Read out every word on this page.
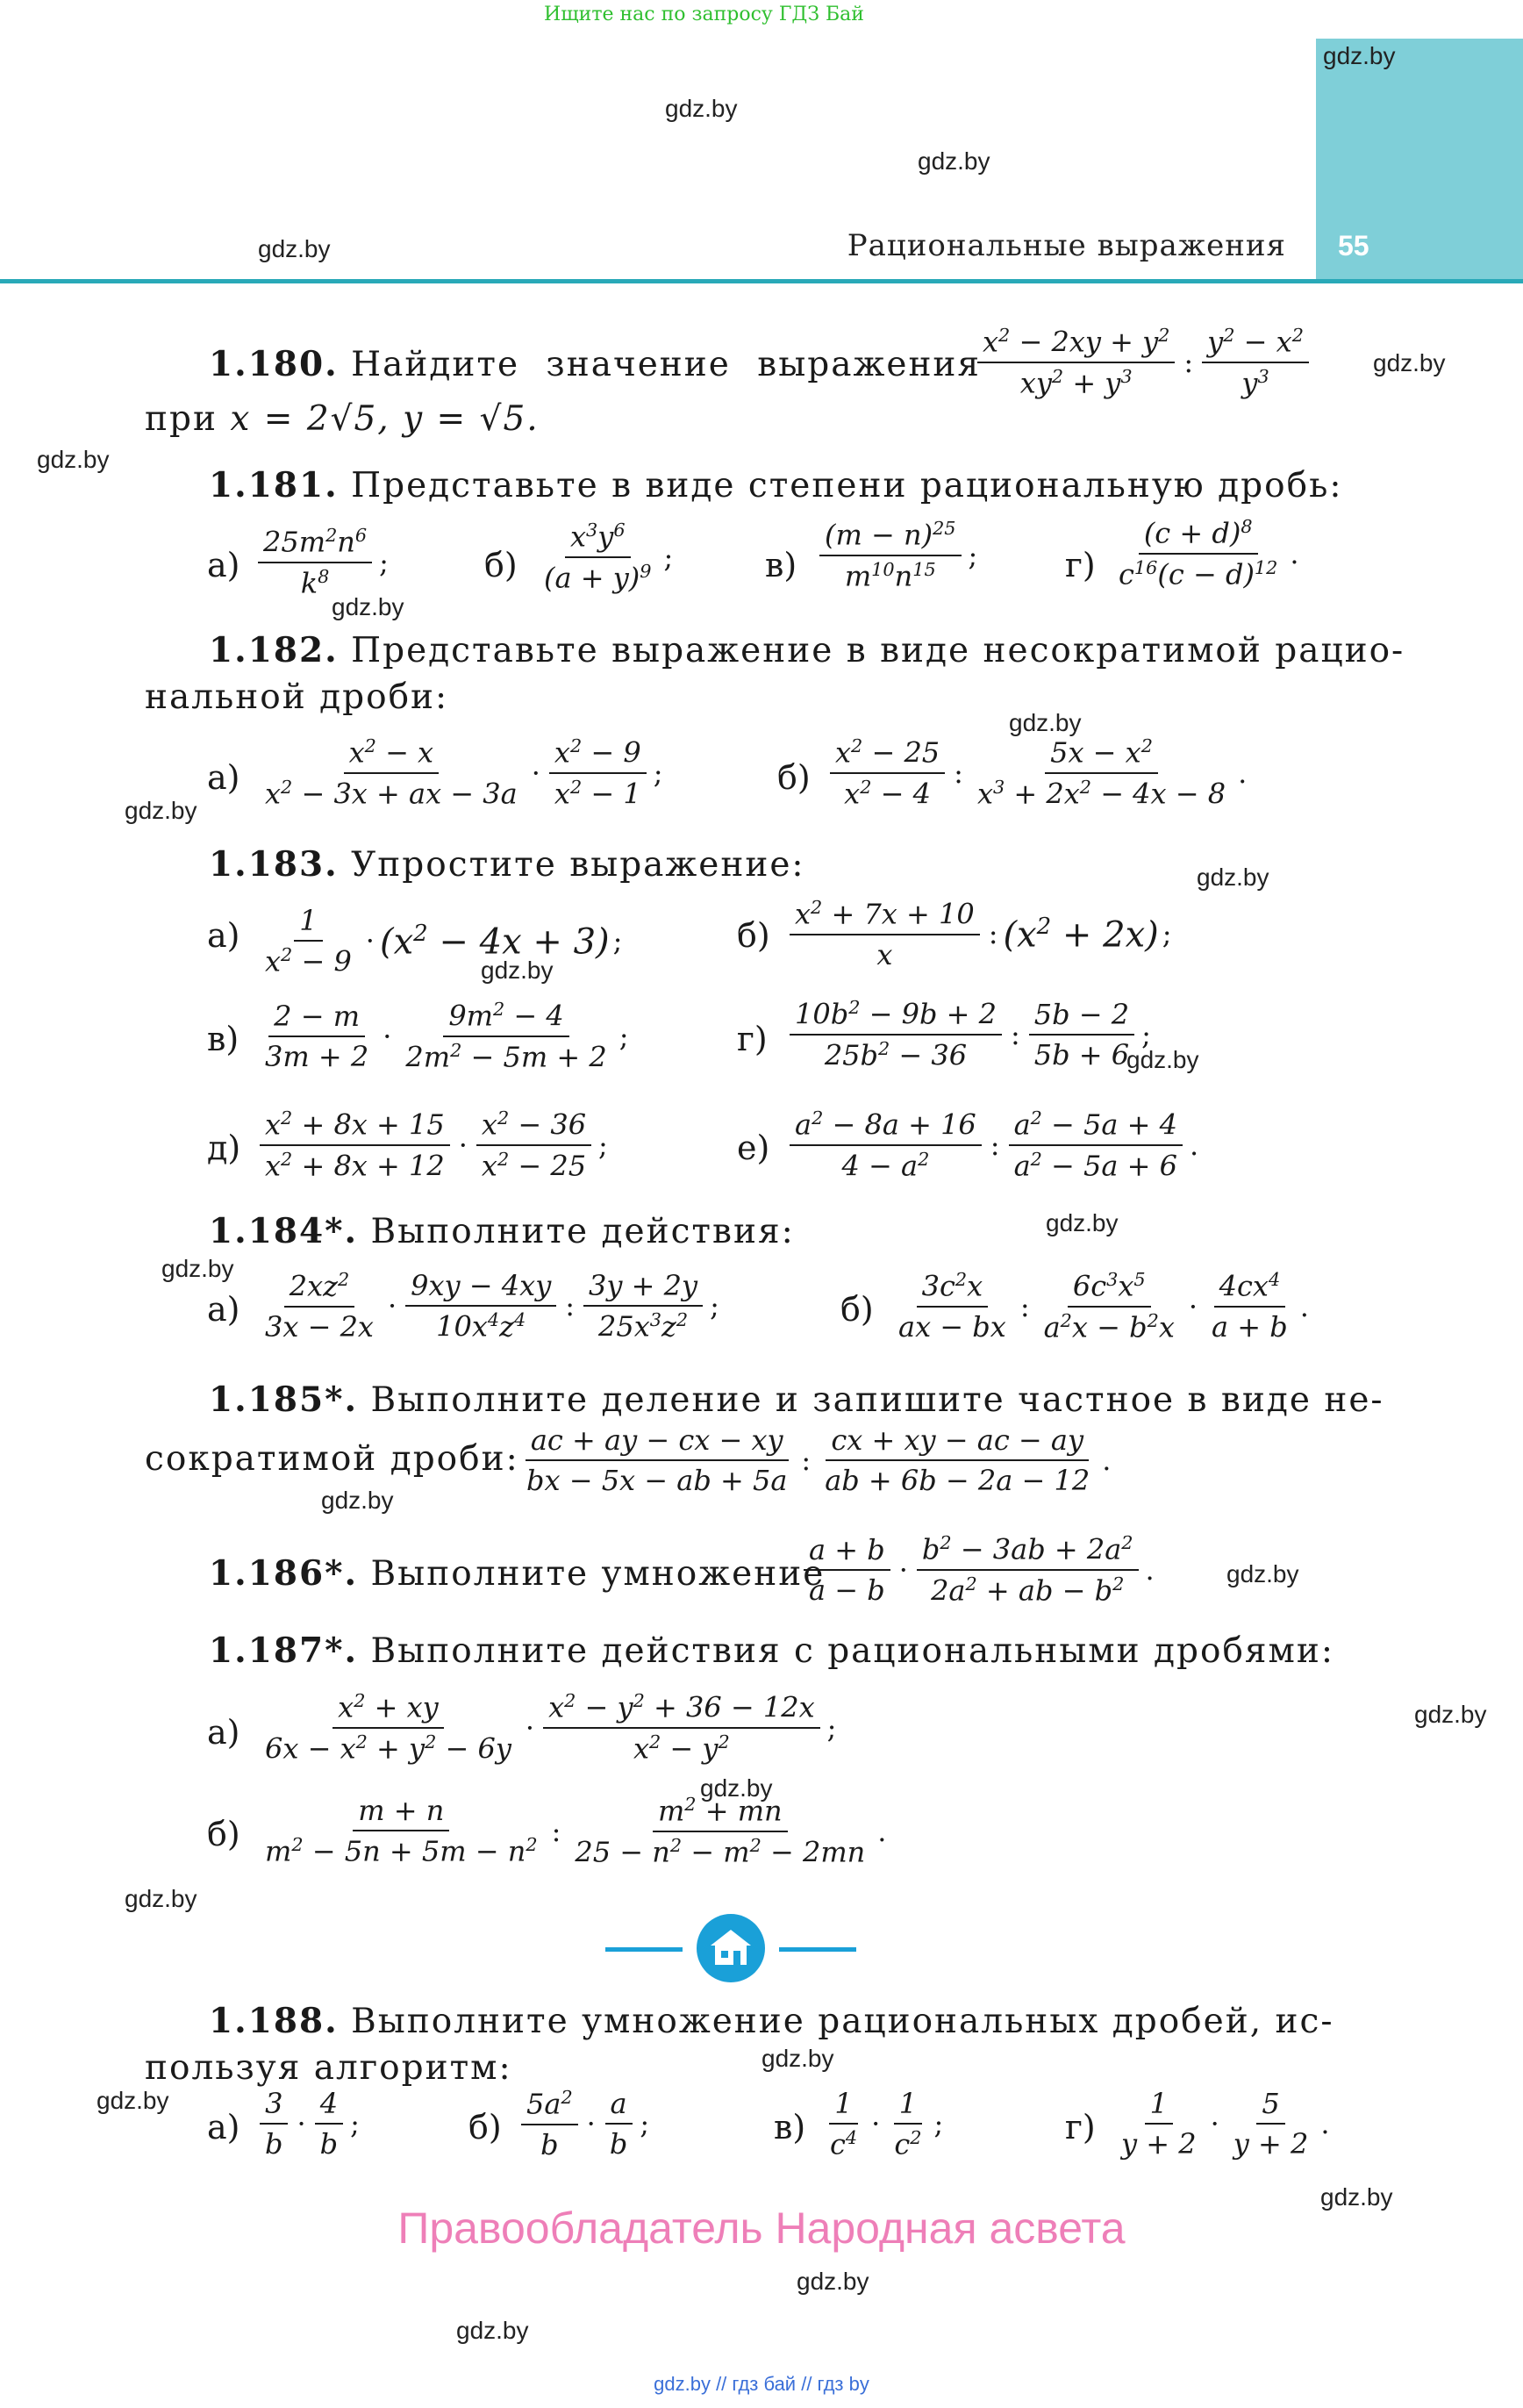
Ищите нас по запросу ГДЗ Бай
55
Рациональные выражения
gdz.by
gdz.by
gdz.by
gdz.by
gdz.by
gdz.by
gdz.by
gdz.by
gdz.by
gdz.by
gdz.by
gdz.by
gdz.by
gdz.by
gdz.by
gdz.by
gdz.by
gdz.by
gdz.by
gdz.by
gdz.by
gdz.by
gdz.by
gdz.by
1.180. Найдите значение выражения
$\frac{x^2 - 2xy + y^2}{xy^2 + y^3}$ : $\frac{y^2 - x^2}{y^3}$
при x = 2√5, y = √5.
1.181. Представьте в виде степени рациональную дробь:
$а) \frac{25m^2n^6}{k^8}$ ;	$б) \frac{x^3y^6}{(a + y)^9}$ ;	$в) \frac{(m - n)^{25}}{m^{10}n^{15}}$ ;	$г) \frac{(c + d)^8}{c^{16}(c - d)^{12}}$ .
1.182. Представьте выражение в виде несократимой рацио-
нальной дроби:
$а) \frac{x^2 - x}{x^2 - 3x + ax - 3a} \cdot \frac{x^2 - 9}{x^2 - 1}$ ;	$б) \frac{x^2 - 25}{x^2 - 4}$ : $\frac{5x - x^2}{x^3 + 2x^2 - 4x - 8}$ .
1.183. Упростите выражение:
$а) \frac{1}{x^2 - 9} \cdot (x^2 - 4x + 3)$ ;	$б) \frac{x^2 + 7x + 10}{x}$ : $(x^2 + 2x)$ ;
$в) \frac{2 - m}{3m + 2} \cdot \frac{9m^2 - 4}{2m^2 - 5m + 2}$ ;	$г) \frac{10b^2 - 9b + 2}{25b^2 - 36}$ : $\frac{5b - 2}{5b + 6}$ ;
$д) \frac{x^2 + 8x + 15}{x^2 + 8x + 12} \cdot \frac{x^2 - 36}{x^2 - 25}$ ;	$е) \frac{a^2 - 8a + 16}{4 - a^2}$ : $\frac{a^2 - 5a + 4}{a^2 - 5a + 6}$ .
1.184*. Выполните действия:
$а) \frac{2xz^2}{3x - 2x} \cdot \frac{9xy - 4xy}{10x^4z^4}$ : $\frac{3y + 2y}{25x^3z^2}$ ;	$б) \frac{3c^2x}{ax - bx}$ : $\frac{6c^3x^5}{a^2x - b^2x} \cdot \frac{4cx^4}{a + b}$ .
1.185*. Выполните деление и запишите частное в виде не-
сократимой дроби: $\frac{ac + ay - cx - xy}{bx - 5x - ab + 5a}$ : $\frac{cx + xy - ac - ay}{ab + 6b - 2a - 12}$ .
1.186*. Выполните умножение
$\frac{a + b}{a - b} \cdot \frac{b^2 - 3ab + 2a^2}{2a^2 + ab - b^2}$ .
1.187*. Выполните действия с рациональными дробями:
$а) \frac{x^2 + xy}{6x - x^2 + y^2 - 6y} \cdot \frac{x^2 - y^2 + 36 - 12x}{x^2 - y^2}$ ;
$б) \frac{m + n}{m^2 - 5n + 5m - n^2}$ : $\frac{m^2 + mn}{25 - n^2 - m^2 - 2mn}$ .
1.188. Выполните умножение рациональных дробей, ис-
пользуя алгоритм:
$а) \frac{3}{b} \cdot \frac{4}{b}$ ;	$б) \frac{5a^2}{b} \cdot \frac{a}{b}$ ;	$в) \frac{1}{c^4} \cdot \frac{1}{c^2}$ ;	$г) \frac{1}{y + 2} \cdot \frac{5}{y + 2}$ .
Правообладатель Народная асвета
gdz.by // гдз бай // гдз by
